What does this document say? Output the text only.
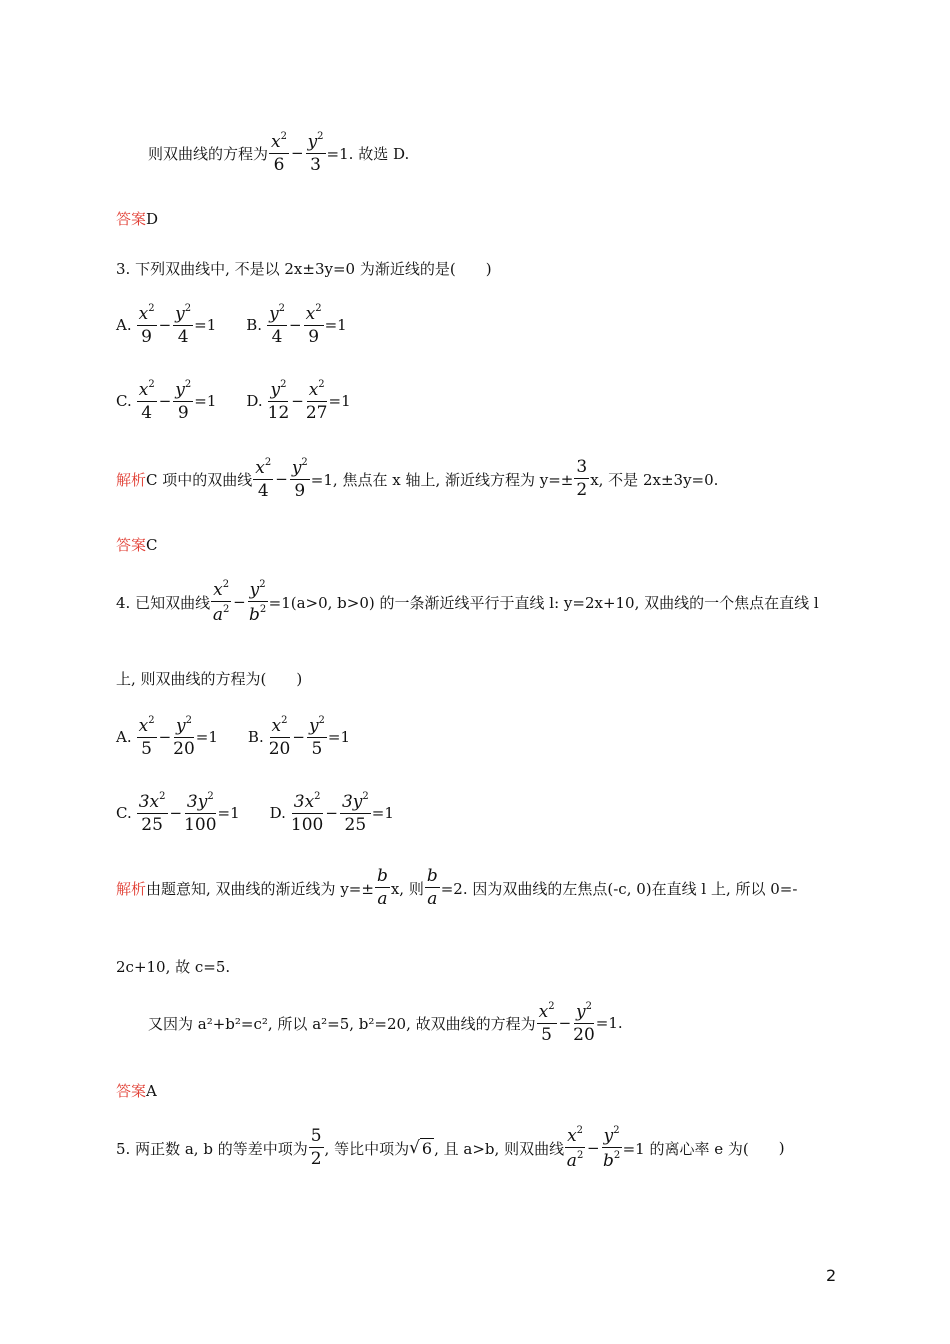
则双曲线的方程为 $\frac{x^2}{6} - \frac{y^2}{3} =1$. 故选 D.
答案 D
3. 下列双曲线中, 不是以 2x±3y=0 为渐近线的是( )
A. $\frac{x^2}{9} - \frac{y^2}{4} =1$ B. $\frac{y^2}{4} - \frac{x^2}{9} =1$
C. $\frac{x^2}{4} - \frac{y^2}{9} =1$ D. $\frac{y^2}{12} - \frac{x^2}{27} =1$
解析 C 项中的双曲线 $\frac{x^2}{4} - \frac{y^2}{9} =1$, 焦点在 x 轴上, 渐近线方程为 $y=\pm \frac{3}{2} x$, 不是 2x±3y=0.
答案 C
4. 已知双曲线 $\frac{x^2}{a^2} - \frac{y^2}{b^2} =1(a>0$, b>0) 的一条渐近线平行于直线 l: y=2x+10, 双曲线的一个焦点在直线 l
上, 则双曲线的方程为( )
A. $\frac{x^2}{5} - \frac{y^2}{20} =1$ B. $\frac{x^2}{20} - \frac{y^2}{5} =1$
C. $\frac{3x^2}{25} - \frac{3y^2}{100} =1$ D. $\frac{3x^2}{100} - \frac{3y^2}{25} =1$
解析 由题意知, 双曲线的渐近线为 $y=\pm \frac{b}{a} x$, 则 $\frac{b}{a} =2$. 因为双曲线的左焦点(-c, 0)在直线 l 上, 所以 0=-
2c+10, 故 c=5.
又因为 a²+b²=c², 所以 a²=5, b²=20, 故双曲线的方程为 $\frac{x^2}{5} - \frac{y^2}{20} =1$.
答案 A
5. 两正数 a, b 的等差中项为 $\frac{5}{2}$ , 等比中项为 √ 6 , 且 a>b, 则双曲线 $\frac{x^2}{a^2} - \frac{y^2}{b^2} =1$ 的离心率 e 为( )
2
